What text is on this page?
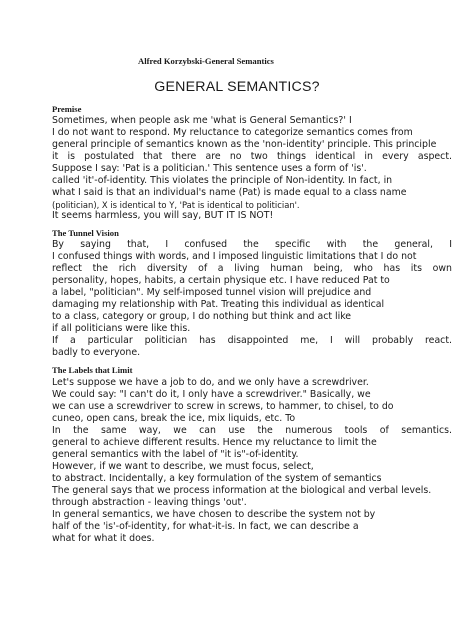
Alfred Korzybski-General Semantics
GENERAL SEMANTICS?
Premise
Sometimes, when people ask me 'what is General Semantics?' I
I do not want to respond. My reluctance to categorize semantics comes from
general principle of semantics known as the 'non-identity' principle. This principle
it is postulated that there are no two things identical in every aspect.
Suppose I say: 'Pat is a politician.' This sentence uses a form of 'is'.
called 'it'-of-identity. This violates the principle of Non-identity. In fact, in
what I said is that an individual's name (Pat) is made equal to a class name
(politician), X is identical to Y, 'Pat is identical to politician'.
It seems harmless, you will say, BUT IT IS NOT!
The Tunnel Vision
By saying that, I confused the specific with the general, I
I confused things with words, and I imposed linguistic limitations that I do not
reflect the rich diversity of a living human being, who has its own
personality, hopes, habits, a certain physique etc. I have reduced Pat to
a label, "politician". My self-imposed tunnel vision will prejudice and
damaging my relationship with Pat. Treating this individual as identical
to a class, category or group, I do nothing but think and act like
if all politicians were like this.
If a particular politician has disappointed me, I will probably react.
badly to everyone.
The Labels that Limit
Let's suppose we have a job to do, and we only have a screwdriver.
We could say: "I can't do it, I only have a screwdriver." Basically, we
we can use a screwdriver to screw in screws, to hammer, to chisel, to do
cuneo, open cans, break the ice, mix liquids, etc. To
In the same way, we can use the numerous tools of semantics.
general to achieve different results. Hence my reluctance to limit the
general semantics with the label of "it is"-of-identity.
However, if we want to describe, we must focus, select,
to abstract. Incidentally, a key formulation of the system of semantics
The general says that we process information at the biological and verbal levels.
through abstraction - leaving things 'out'.
In general semantics, we have chosen to describe the system not by
half of the 'is'-of-identity, for what-it-is. In fact, we can describe a
what for what it does.
